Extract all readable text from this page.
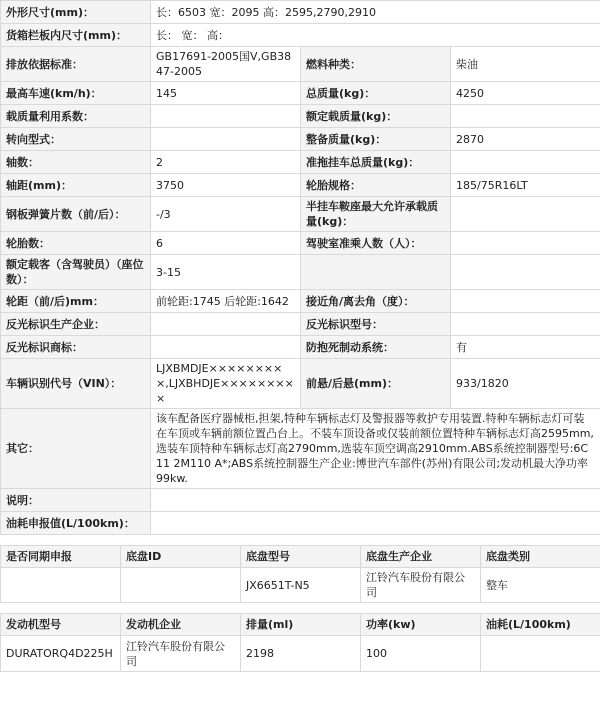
外形尺寸(mm)：	长：6503 宽：2095 高：2595,2790,2910		
货箱栏板内尺寸(mm)：	长： 宽： 高：		
排放依据标准：	GB17691-2005国V,GB3847-2005	燃料种类：	柴油
最高车速(km/h)：	145	总质量(kg)：	4250
载质量利用系数：		额定载质量(kg)：	
转向型式：		整备质量(kg)：	2870
轴数：	2	准拖挂车总质量(kg)：	
轴距(mm)：	3750	轮胎规格：	185/75R16LT
钢板弹簧片数（前/后）：	-/3	半挂车鞍座最大允许承载质量(kg)：	
轮胎数：	6	驾驶室准乘人数（人）：	
额定载客（含驾驶员）（座位数）：	3-15		
轮距（前/后)mm：	前轮距:1745 后轮距:1642	接近角/离去角（度）：	
反光标识生产企业：		反光标识型号：	
反光标识商标：		防抱死制动系统：	有
车辆识别代号（VIN）：	LJXBMDJE×××××××××,LJXBHDJE×××××××××	前悬/后悬(mm)：	933/1820
其它：	该车配备医疗器械柜,担架,特种车辆标志灯及警报器等救护专用装置.特种车辆标志灯可装在车顶或车辆前额位置凸台上。不装车顶设备或仅装前额位置特种车辆标志灯高2595mm,选装车顶特种车辆标志灯高2790mm,选装车顶空调高2910mm.ABS系统控制器型号:6C11 2M110 A*;ABS系统控制器生产企业:博世汽车部件(苏州)有限公司;发动机最大净功率99kw.		
说明：			
油耗申报值(L/100km)：			
是否同期申报	底盘ID	底盘型号	底盘生产企业	底盘类别
		JX6651T-N5	江铃汽车股份有限公司	整车
发动机型号	发动机企业	排量(ml)	功率(kw)	油耗(L/100km)
DURATORQ4D225H	江铃汽车股份有限公司	2198	100	
